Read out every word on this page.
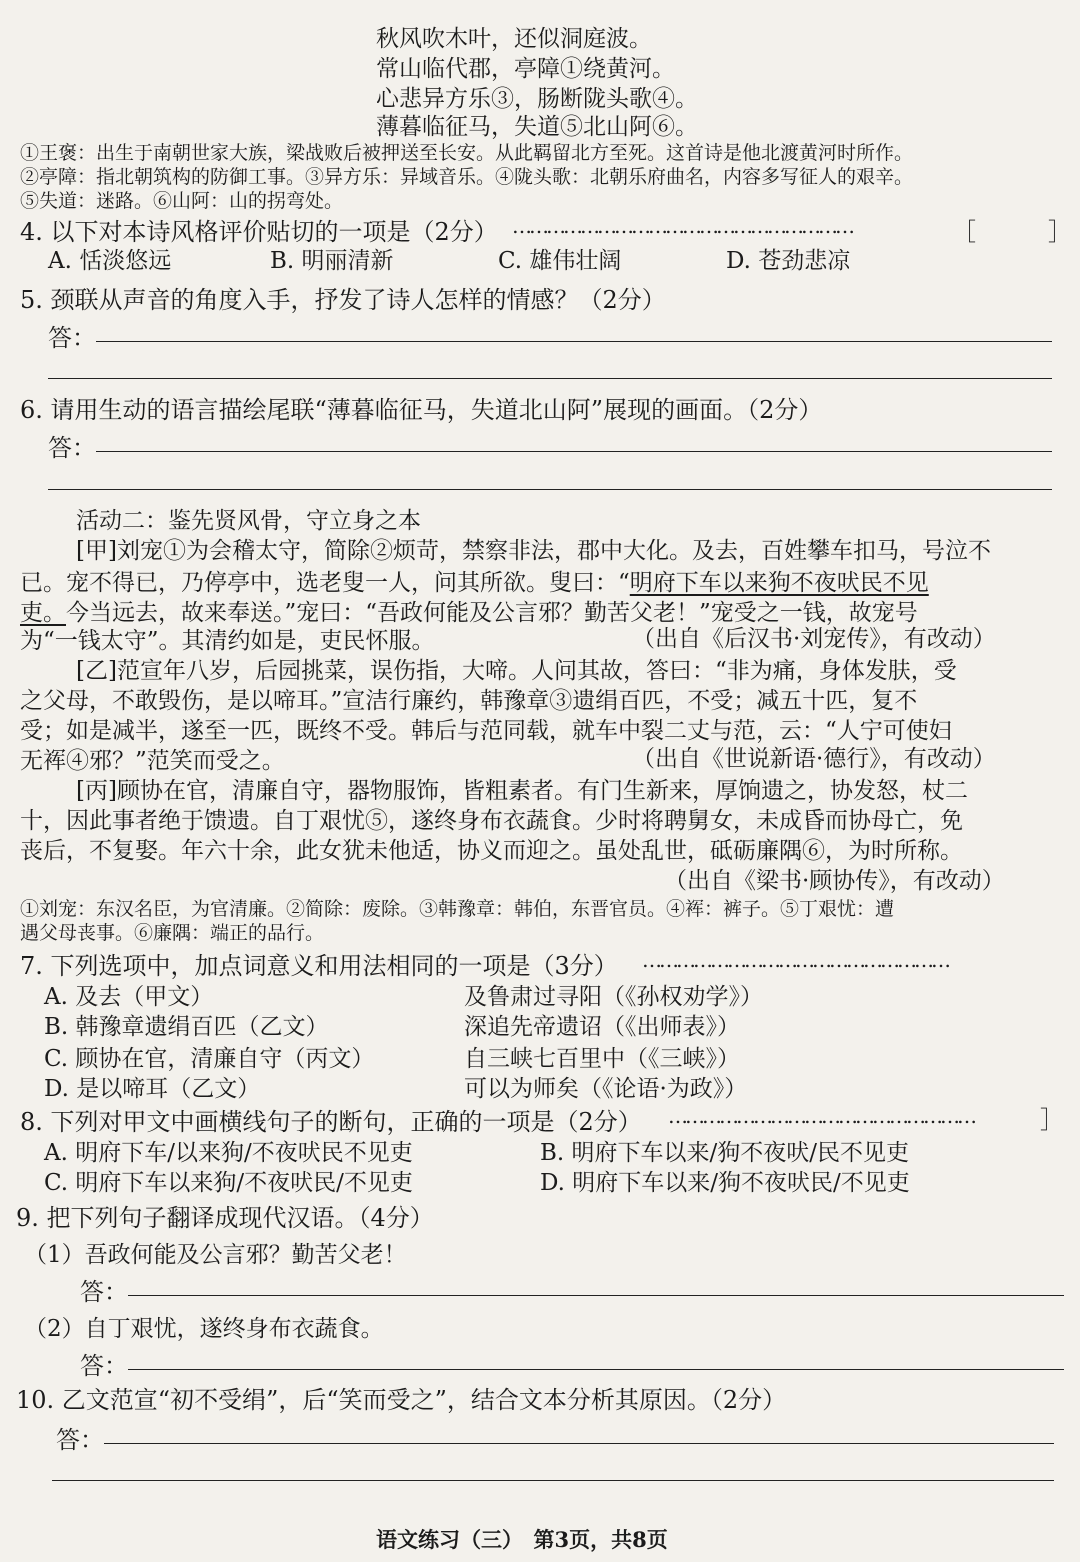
秋风吹木叶，还似洞庭波。
常山临代郡，亭障①绕黄河。
心悲异方乐③，肠断陇头歌④。
薄暮临征马，失道⑤北山阿⑥。
①王褒：出生于南朝世家大族，梁战败后被押送至长安。从此羁留北方至死。这首诗是他北渡黄河时所作。
②亭障：指北朝筑构的防御工事。③异方乐：异域音乐。④陇头歌：北朝乐府曲名，内容多写征人的艰辛。
⑤失道：迷路。⑥山阿：山的拐弯处。
4. 以下对本诗风格评价贴切的一项是（2分） ……………………………………………………	［　　　］
A. 恬淡悠远	B. 明丽清新	C. 雄伟壮阔	D. 苍劲悲凉
5. 颈联从声音的角度入手，抒发了诗人怎样的情感？（2分）
答：
6. 请用生动的语言描绘尾联“薄暮临征马，失道北山阿”展现的画面。（2分）
答：
活动二：鉴先贤风骨，守立身之本
[甲]刘宠①为会稽太守，简除②烦苛，禁察非法，郡中大化。及去，百姓攀车扣马，号泣不
已。宠不得已，乃停亭中，选老叟一人，问其所欲。叟曰：“明府下车以来狗不夜吠民不见
吏。今当远去，故来奉送。”宠曰：“吾政何能及公言邪？勤苦父老！”宠受之一钱，故宠号
为“一钱太守”。其清约如是，吏民怀服。	（出自《后汉书·刘宠传》，有改动）
[乙]范宣年八岁，后园挑菜，误伤指，大啼。人问其故，答曰：“非为痛，身体发肤，受
之父母，不敢毁伤，是以啼耳。”宣洁行廉约，韩豫章③遗绢百匹，不受；减五十匹，复不
受；如是减半，遂至一匹，既终不受。韩后与范同载，就车中裂二丈与范，云：“人宁可使妇
无裈④邪？”范笑而受之。	（出自《世说新语·德行》，有改动）
[丙]顾协在官，清廉自守，器物服饰，皆粗素者。有门生新来，厚饷遗之，协发怒，杖二
十，因此事者绝于馈遗。自丁艰忧⑤，遂终身布衣蔬食。少时将聘舅女，未成昏而协母亡，免
丧后，不复娶。年六十余，此女犹未他适，协义而迎之。虽处乱世，砥砺廉隅⑥，为时所称。
（出自《梁书·顾协传》，有改动）
①刘宠：东汉名臣，为官清廉。②简除：废除。③韩豫章：韩伯，东晋官员。④裈：裤子。⑤丁艰忧：遭
遇父母丧事。⑥廉隅：端正的品行。
7. 下列选项中，加点词意义和用法相同的一项是（3分） ………………………………………………
A. 及去（甲文）	及鲁肃过寻阳（《孙权劝学》）
B. 韩豫章遗绢百匹（乙文）	深追先帝遗诏（《出师表》）
C. 顾协在官，清廉自守（丙文）	自三峡七百里中（《三峡》）
D. 是以啼耳（乙文）	可以为师矣（《论语·为政》）
8. 下列对甲文中画横线句子的断句，正确的一项是（2分） ………………………………………………	］
A. 明府下车/以来狗/不夜吠民不见吏	B. 明府下车以来/狗不夜吠/民不见吏
C. 明府下车以来狗/不夜吠民/不见吏	D. 明府下车以来/狗不夜吠民/不见吏
9. 把下列句子翻译成现代汉语。（4分）
（1）吾政何能及公言邪？勤苦父老！
答：
（2）自丁艰忧，遂终身布衣蔬食。
答：
10. 乙文范宣“初不受绢”，后“笑而受之”，结合文本分析其原因。（2分）
答：
语文练习（三）　第3页，共8页
